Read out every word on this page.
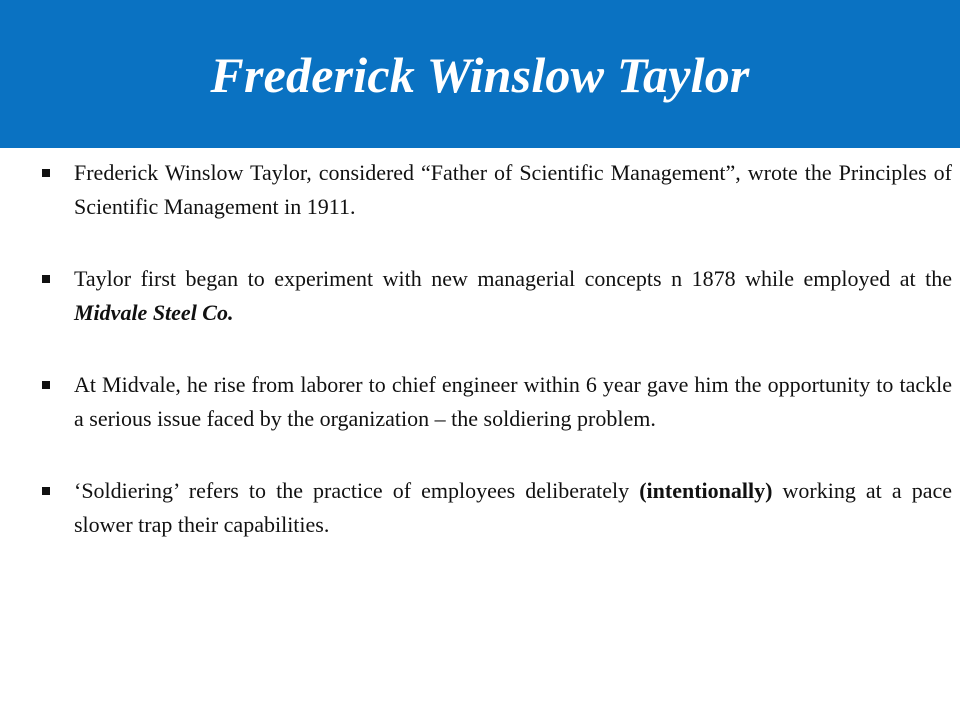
Frederick Winslow Taylor

Frederick Winslow Taylor, considered “Father of Scientific Management”, wrote the Principles of Scientific Management in 1911.

Taylor first began to experiment with new managerial concepts n 1878 while employed at the Midvale Steel Co.

At Midvale, he rise from laborer to chief engineer within 6 year gave him the opportunity to tackle a serious issue faced by the organization – the soldiering problem.

‘Soldiering’ refers to the practice of employees deliberately (intentionally) working at a pace slower trap their capabilities.
